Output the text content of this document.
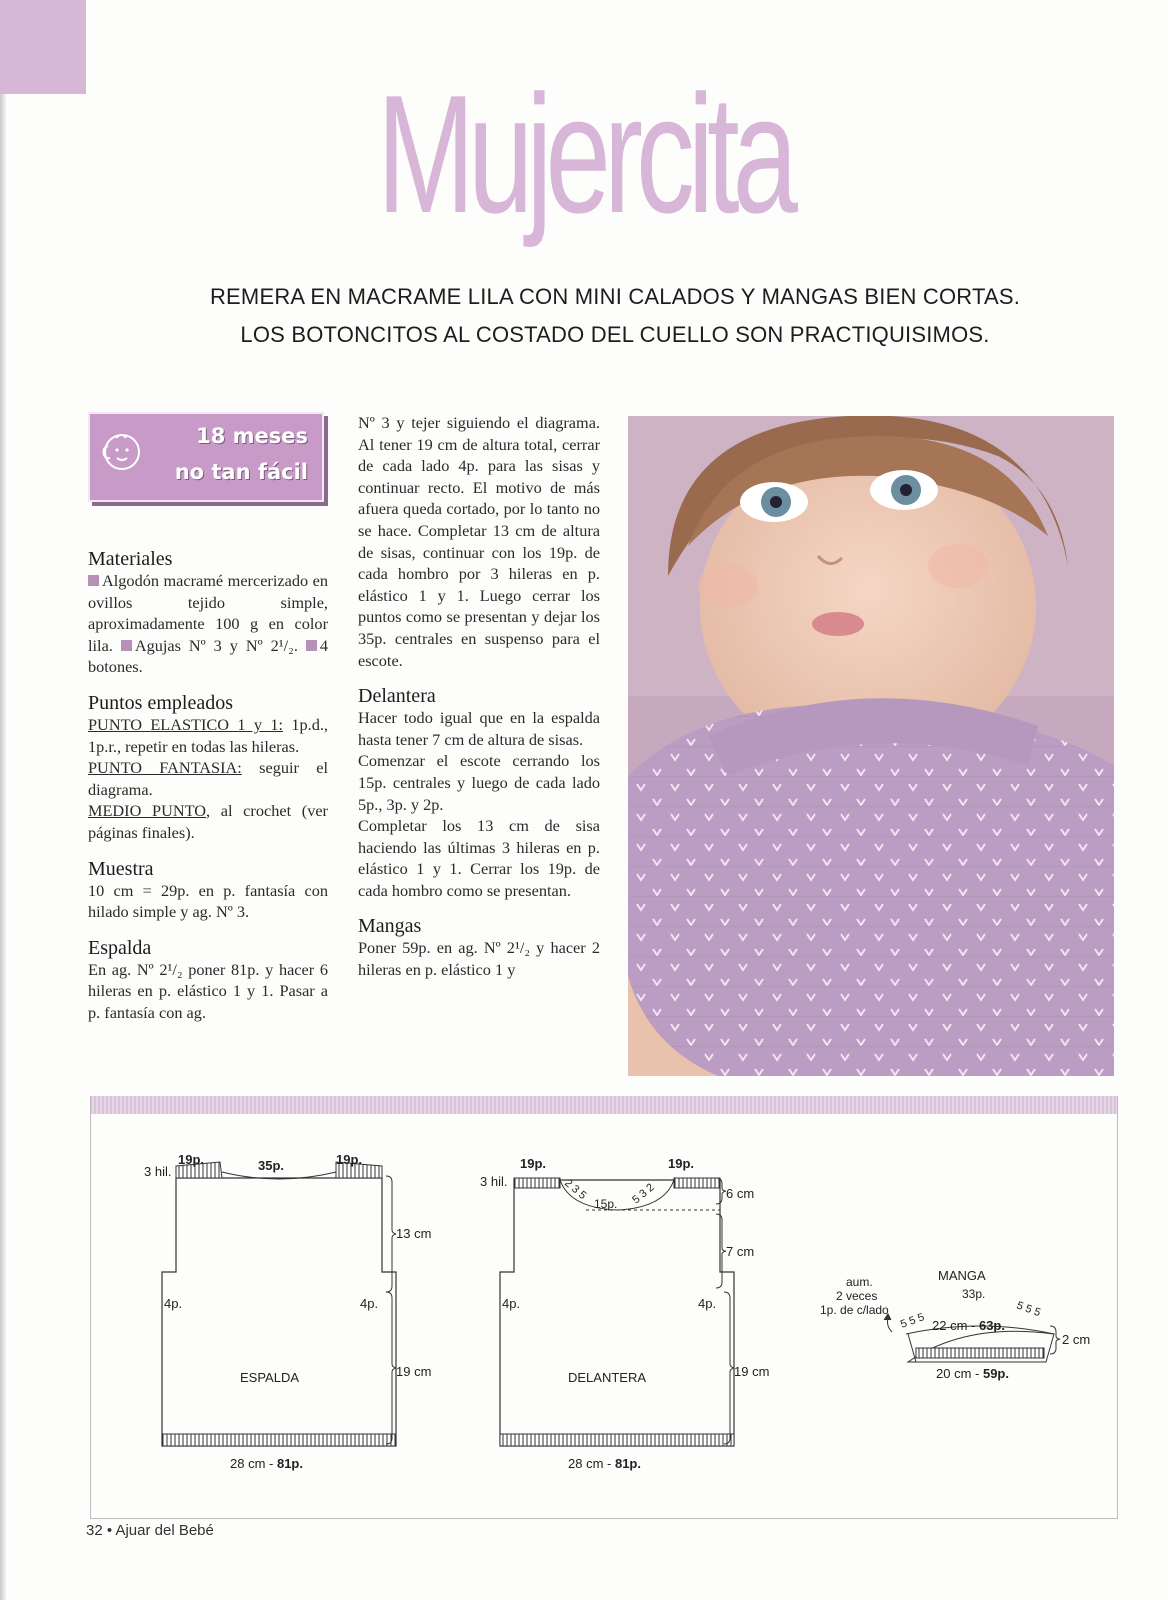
Mujercita
REMERA EN MACRAME LILA CON MINI CALADOS Y MANGAS BIEN CORTAS.
LOS BOTONCITOS AL COSTADO DEL CUELLO SON PRACTIQUISIMOS.
18 meses
no tan fácil
Materiales

Algodón macramé mercerizado en ovillos tejido simple, aproximadamente 100 g en color lila. Agujas Nº 3 y Nº 2¹/₂. 4 botones.

Puntos empleados

PUNTO ELASTICO 1 y 1: 1p.d., 1p.r., repetir en todas las hileras.

PUNTO FANTASIA: seguir el diagrama.

MEDIO PUNTO, al crochet (ver páginas finales).

Muestra

10 cm = 29p. en p. fantasía con hilado simple y ag. Nº 3.

Espalda

En ag. Nº 2¹/₂ poner 81p. y hacer 6 hileras en p. elástico 1 y 1. Pasar a p. fantasía con ag.

Nº 3 y tejer siguiendo el diagrama. Al tener 19 cm de altura total, cerrar de cada lado 4p. para las sisas y continuar recto. El motivo de más afuera queda cortado, por lo tanto no se hace. Completar 13 cm de altura de sisas, continuar con los 19p. de cada hombro por 3 hileras en p. elástico 1 y 1. Luego cerrar los puntos como se presentan y dejar los 35p. centrales en suspenso para el escote.

Delantera

Hacer todo igual que en la espalda hasta tener 7 cm de altura de sisas.

Comenzar el escote cerrando los 15p. centrales y luego de cada lado 5p., 3p. y 2p.

Completar los 13 cm de sisa haciendo las últimas 3 hileras en p. elástico 1 y 1. Cerrar los 19p. de cada hombro como se presentan.

Mangas

Poner 59p. en ag. Nº 2¹/₂ y hacer 2 hileras en p. elástico 1 y

19p.	19p.
35p.
3 hil.
4p.	4p.
ESPALDA
13 cm
19 cm
28 cm - 81p.
19p.	19p.
3 hil.	2 3 5	5 3 2
15p.
6 cm
7 cm
4p.	4p.
DELANTERA	19 cm
28 cm - 81p.
MANGA
33p.
5 5 5
5 5 5
22 cm - 63p.
aum.
2 veces
1p. de c/lado
2 cm
20 cm - 59p.
32 • Ajuar del Bebé
